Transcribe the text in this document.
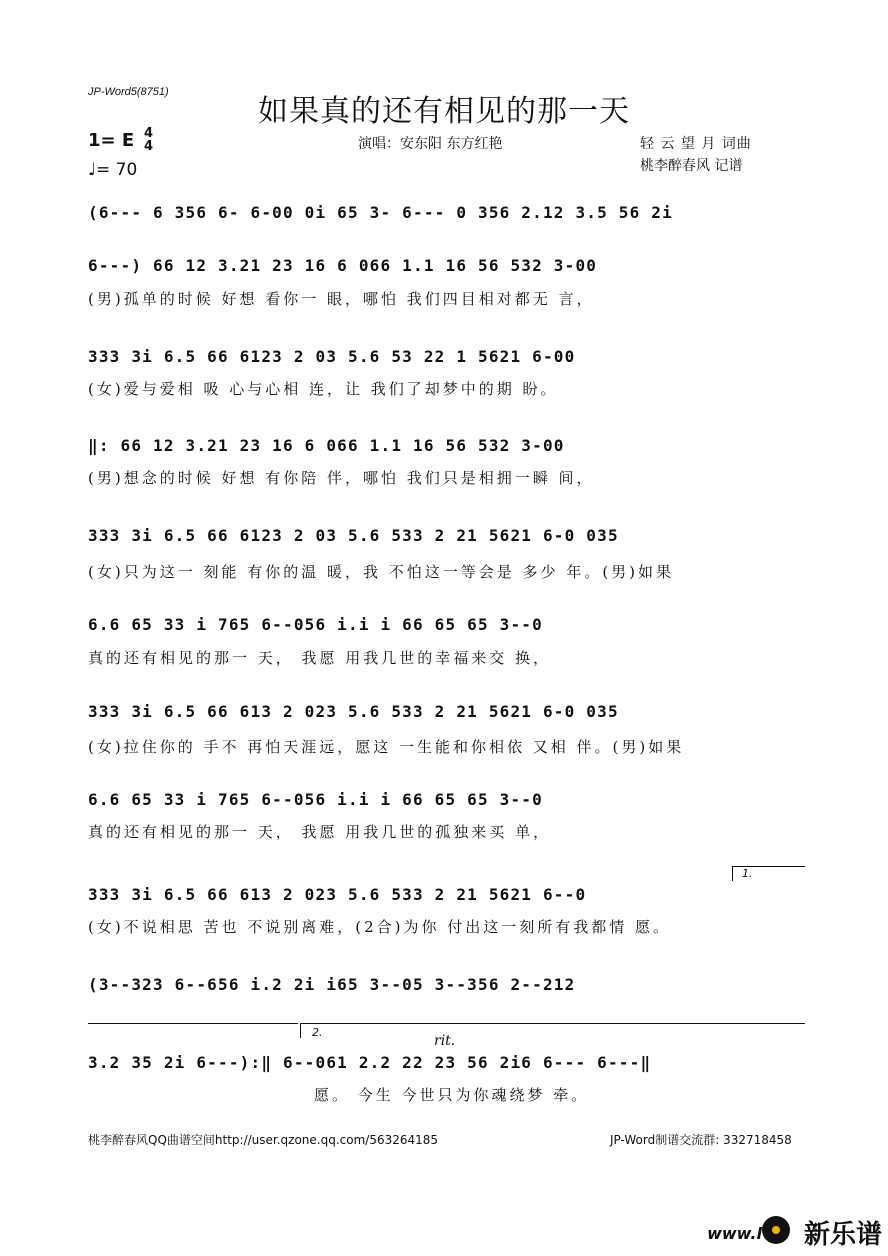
JP-Word5(8751)
如果真的还有相见的那一天
1= E 4
4
♩= 70
演唱：安东阳 东方红艳	轻 云 望 月 词曲
桃李醉春风 记谱
(6--- 6 356 6- 6-00 0i 65 3- 6--- 0 356 2.12 3.5 56 2i
6---) 66 12 3.21 23 16 6 066 1.1 16 56 532 3-00
(男)孤单的时候 好想 看你一 眼，哪怕 我们四目相对都无 言，
333 3i 6.5 66 6123 2 03 5.6 53 22 1 5621 6-00
(女)爱与爱相 吸 心与心相 连，让 我们了却梦中的期 盼。
‖: 66 12 3.21 23 16 6 066 1.1 16 56 532 3-00
(男)想念的时候 好想 有你陪 伴，哪怕 我们只是相拥一瞬 间，
333 3i 6.5 66 6123 2 03 5.6 533 2 21 5621 6-0 035
(女)只为这一 刻能 有你的温 暖，我 不怕这一等会是 多少 年。(男)如果
6.6 65 33 i 765 6--056 i.i i 66 65 65 3--0
真的还有相见的那一 天， 我愿 用我几世的幸福来交 换，
333 3i 6.5 66 613 2 023 5.6 533 2 21 5621 6-0 035
(女)拉住你的 手不 再怕天涯远，愿这 一生能和你相依 又相 伴。(男)如果
6.6 65 33 i 765 6--056 i.i i 66 65 65 3--0
真的还有相见的那一 天， 我愿 用我几世的孤独来买 单，
1.
333 3i 6.5 66 613 2 023 5.6 533 2 21 5621 6--0
(女)不说相思 苦也 不说别离难，(2合)为你 付出这一刻所有我都情 愿。
(3--323 6--656 i.2 2i i65 3--05 3--356 2--212
2.
rit.
3.2 35 2i 6---):‖ 6--061 2.2 22 23 56 2i6 6--- 6---‖
愿。 今生 今世只为你魂绕梦 牵。
桃李醉春风QQ曲谱空间http://user.qzone.qq.com/563264185	JP-Word制谱交流群: 332718458
www.l 新乐谱
